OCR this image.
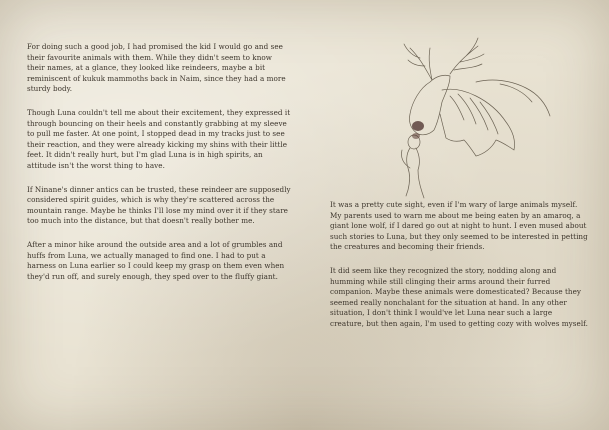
For doing such a good job, I had promised the kid I would go and see their favourite animals with them. While they didn't seem to know their names, at a glance, they looked like reindeers, maybe a bit reminiscent of kukuk mammoths back in Naim, since they had a more sturdy body.

Though Luna couldn't tell me about their excitement, they expressed it through bouncing on their heels and constantly grabbing at my sleeve to pull me faster. At one point, I stopped dead in my tracks just to see their reaction, and they were already kicking my shins with their little feet. It didn't really hurt, but I'm glad Luna is in high spirits, an attitude isn't the worst thing to have.

If Ninane's dinner antics can be trusted, these reindeer are supposedly considered spirit guides, which is why they're scattered across the mountain range. Maybe he thinks I'll lose my mind over it if they stare too much into the distance, but that doesn't really bother me.

After a minor hike around the outside area and a lot of grumbles and huffs from Luna, we actually managed to find one. I had to put a harness on Luna earlier so I could keep my grasp on them even when they'd run off, and surely enough, they sped over to the fluffy giant.

It was a pretty cute sight, even if I'm wary of large animals myself. My parents used to warn me about me being eaten by an amaroq, a giant lone wolf, if I dared go out at night to hunt. I even mused about such stories to Luna, but they only seemed to be interested in petting the creatures and becoming their friends.

It did seem like they recognized the story, nodding along and humming while still clinging their arms around their furred companion. Maybe these animals were domesticated? Because they seemed really nonchalant for the situation at hand. In any other situation, I don't think I would've let Luna near such a large creature, but then again, I'm used to getting cozy with wolves myself.
